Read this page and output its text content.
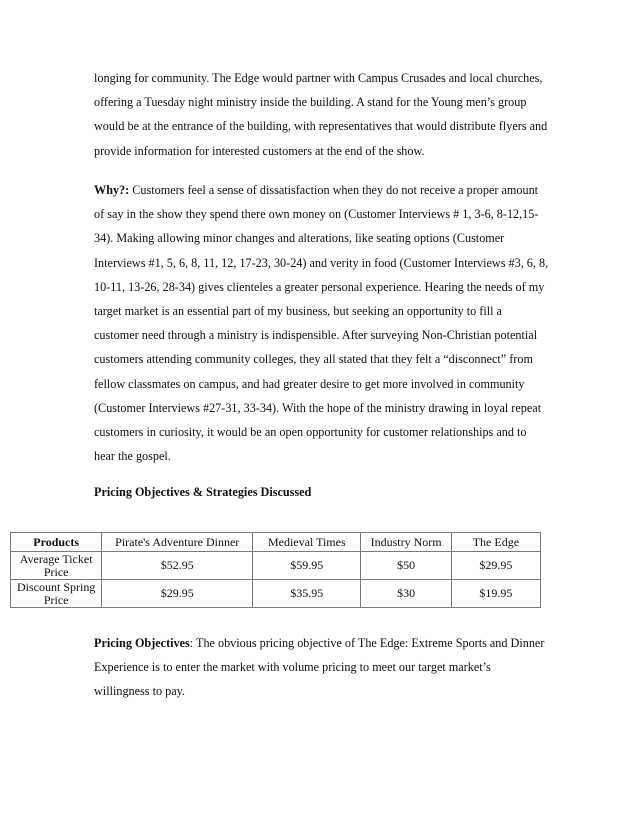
longing for community. The Edge would partner with Campus Crusades and local churches, offering a Tuesday night ministry inside the building. A stand for the Young men’s group would be at the entrance of the building, with representatives that would distribute flyers and provide information for interested customers at the end of the show.

Why?: Customers feel a sense of dissatisfaction when they do not receive a proper amount of say in the show they spend there own money on (Customer Interviews # 1, 3-6, 8-12,15-34). Making allowing minor changes and alterations, like seating options (Customer Interviews #1, 5, 6, 8, 11, 12, 17-23, 30-24) and verity in food (Customer Interviews #3, 6, 8, 10-11, 13-26, 28-34) gives clienteles a greater personal experience. Hearing the needs of my target market is an essential part of my business, but seeking an opportunity to fill a customer need through a ministry is indispensible. After surveying Non-Christian potential customers attending community colleges, they all stated that they felt a “disconnect” from fellow classmates on campus, and had greater desire to get more involved in community (Customer Interviews #27-31, 33-34). With the hope of the ministry drawing in loyal repeat customers in curiosity, it would be an open opportunity for customer relationships and to hear the gospel.

Pricing Objectives & Strategies Discussed

Products	Pirate's Adventure Dinner	Medieval Times	Industry Norm	The Edge
Average Ticket Price	$52.95	$59.95	$50	$29.95
Discount Spring Price	$29.95	$35.95	$30	$19.95

Pricing Objectives: The obvious pricing objective of The Edge: Extreme Sports and Dinner Experience is to enter the market with volume pricing to meet our target market’s willingness to pay.
